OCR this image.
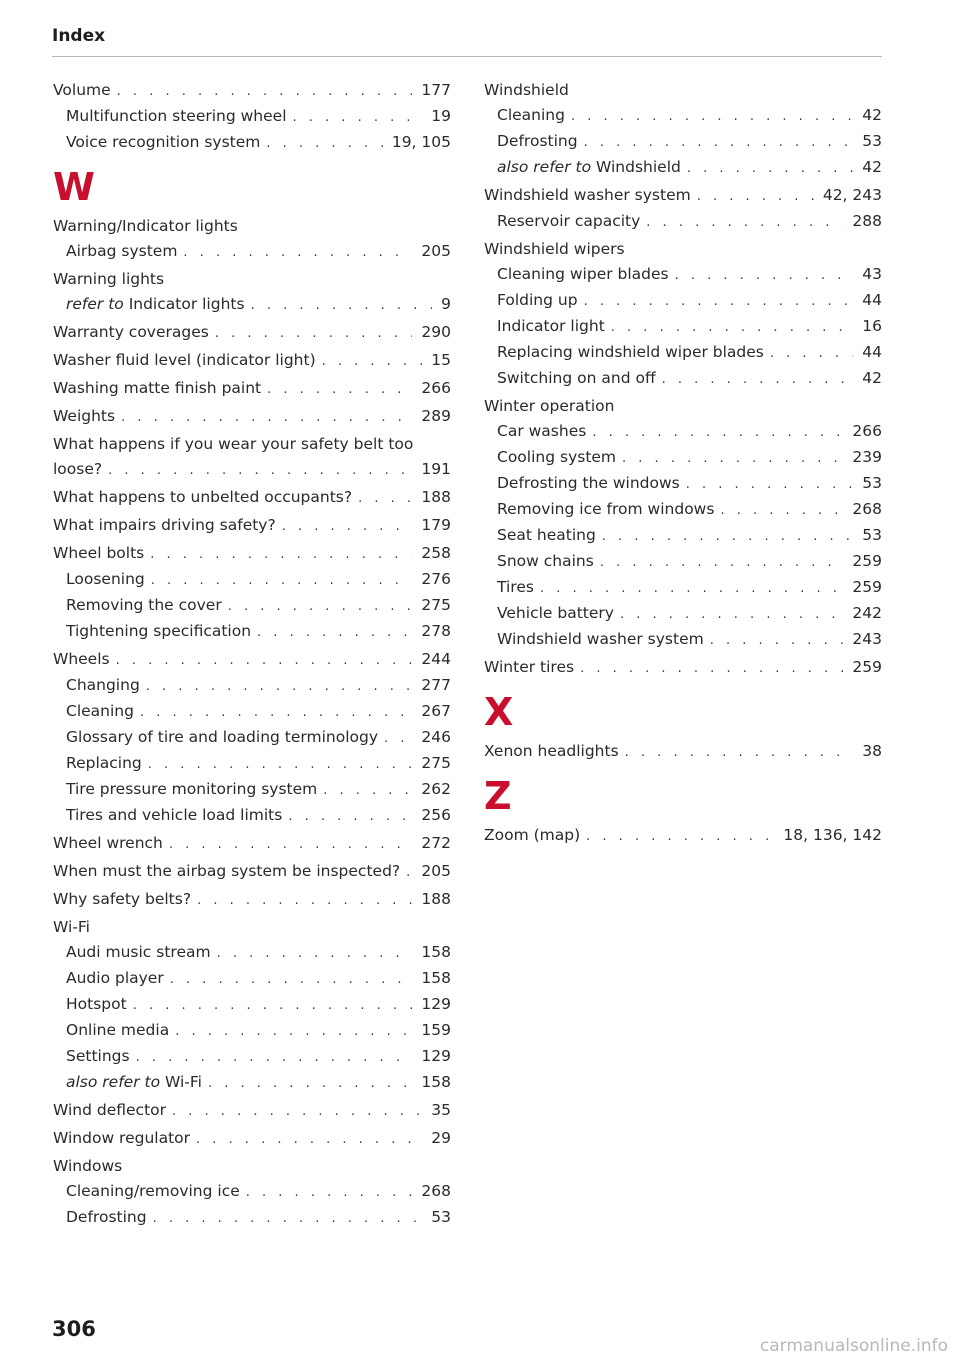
Index
Volume . . .	177
Multifunction steering wheel . . .	19
Voice recognition system . . .	19, 105
W
Warning/Indicator lights
Airbag system . . .	205
Warning lights
refer to Indicator lights . . .	9
Warranty coverages . . .	290
Washer fluid level (indicator light) . . .	15
Washing matte finish paint . . .	266
Weights . . .	289
What happens if you wear your safety belt too
loose? . . .	191
What happens to unbelted occupants? . . .	188
What impairs driving safety? . . .	179
Wheel bolts . . .	258
Loosening . . .	276
Removing the cover . . .	275
Tightening specification . . .	278
Wheels . . .	244
Changing . . .	277
Cleaning . . .	267
Glossary of tire and loading terminology . . .	246
Replacing . . .	275
Tire pressure monitoring system . . .	262
Tires and vehicle load limits . . .	256
Wheel wrench . . .	272
When must the airbag system be inspected? . . . 205
Why safety belts? . . .	188
Wi-Fi
Audi music stream . . .	158
Audio player . . .	158
Hotspot . . .	129
Online media . . .	159
Settings . . .	129
also refer to Wi-Fi . . .	158
Wind deflector . . .	35
Window regulator . . .	29
Windows
Cleaning/removing ice . . .	268
Defrosting . . .	53
Windshield
Cleaning . . .	42
Defrosting . . .	53
also refer to Windshield . . .	42
Windshield washer system . . .	42, 243
Reservoir capacity . . .	288
Windshield wipers
Cleaning wiper blades . . .	43
Folding up . . .	44
Indicator light . . .	16
Replacing windshield wiper blades . . .	44
Switching on and off . . .	42
Winter operation
Car washes . . .	266
Cooling system . . .	239
Defrosting the windows . . .	53
Removing ice from windows . . .	268
Seat heating . . .	53
Snow chains . . .	259
Tires . . .	259
Vehicle battery . . .	242
Windshield washer system . . .	243
Winter tires . . .	259
X
Xenon headlights . . .	38
Z
Zoom (map) . . .	18, 136, 142
306
carmanualsonline.info
